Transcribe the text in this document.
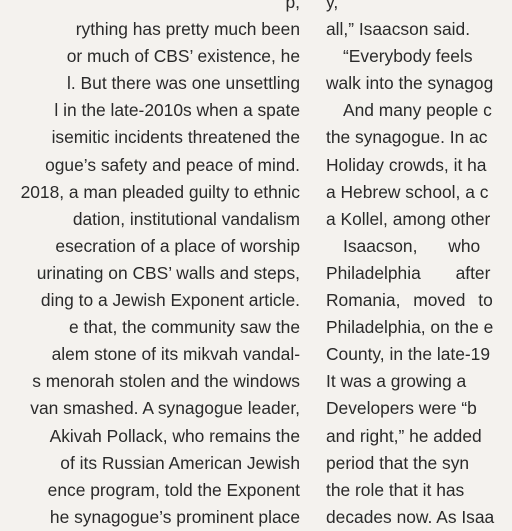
p,
rything has pretty much been
or much of CBS’ existence, he
l. But there was one unsettling
l in the late-2010s when a spate
isemitic incidents threatened the
ogue’s safety and peace of mind.
2018, a man pleaded guilty to ethnic
dation, institutional vandalism
esecration of a place of worship
urinating on CBS’ walls and steps,
ding to a Jewish Exponent article.
e that, the community saw the
alem stone of its mikvah vandal-
s menorah stolen and the windows
van smashed. A synagogue leader,
Akivah Pollack, who remains the
of its Russian American Jewish
ence program, told the Exponent
he synagogue’s prominent place
y,
all,” Isaacson said.
“Everybody feels
walk into the synagog
And many people c
the synagogue. In ac
Holiday crowds, it ha
a Hebrew school, a c
a Kollel, among other
Isaacson, who
Philadelphia after
Romania, moved to
Philadelphia, on the e
County, in the late-19
It was a growing a
Developers were “b
and right,” he added
period that the syn
the role that it has
decades now. As Isaa
